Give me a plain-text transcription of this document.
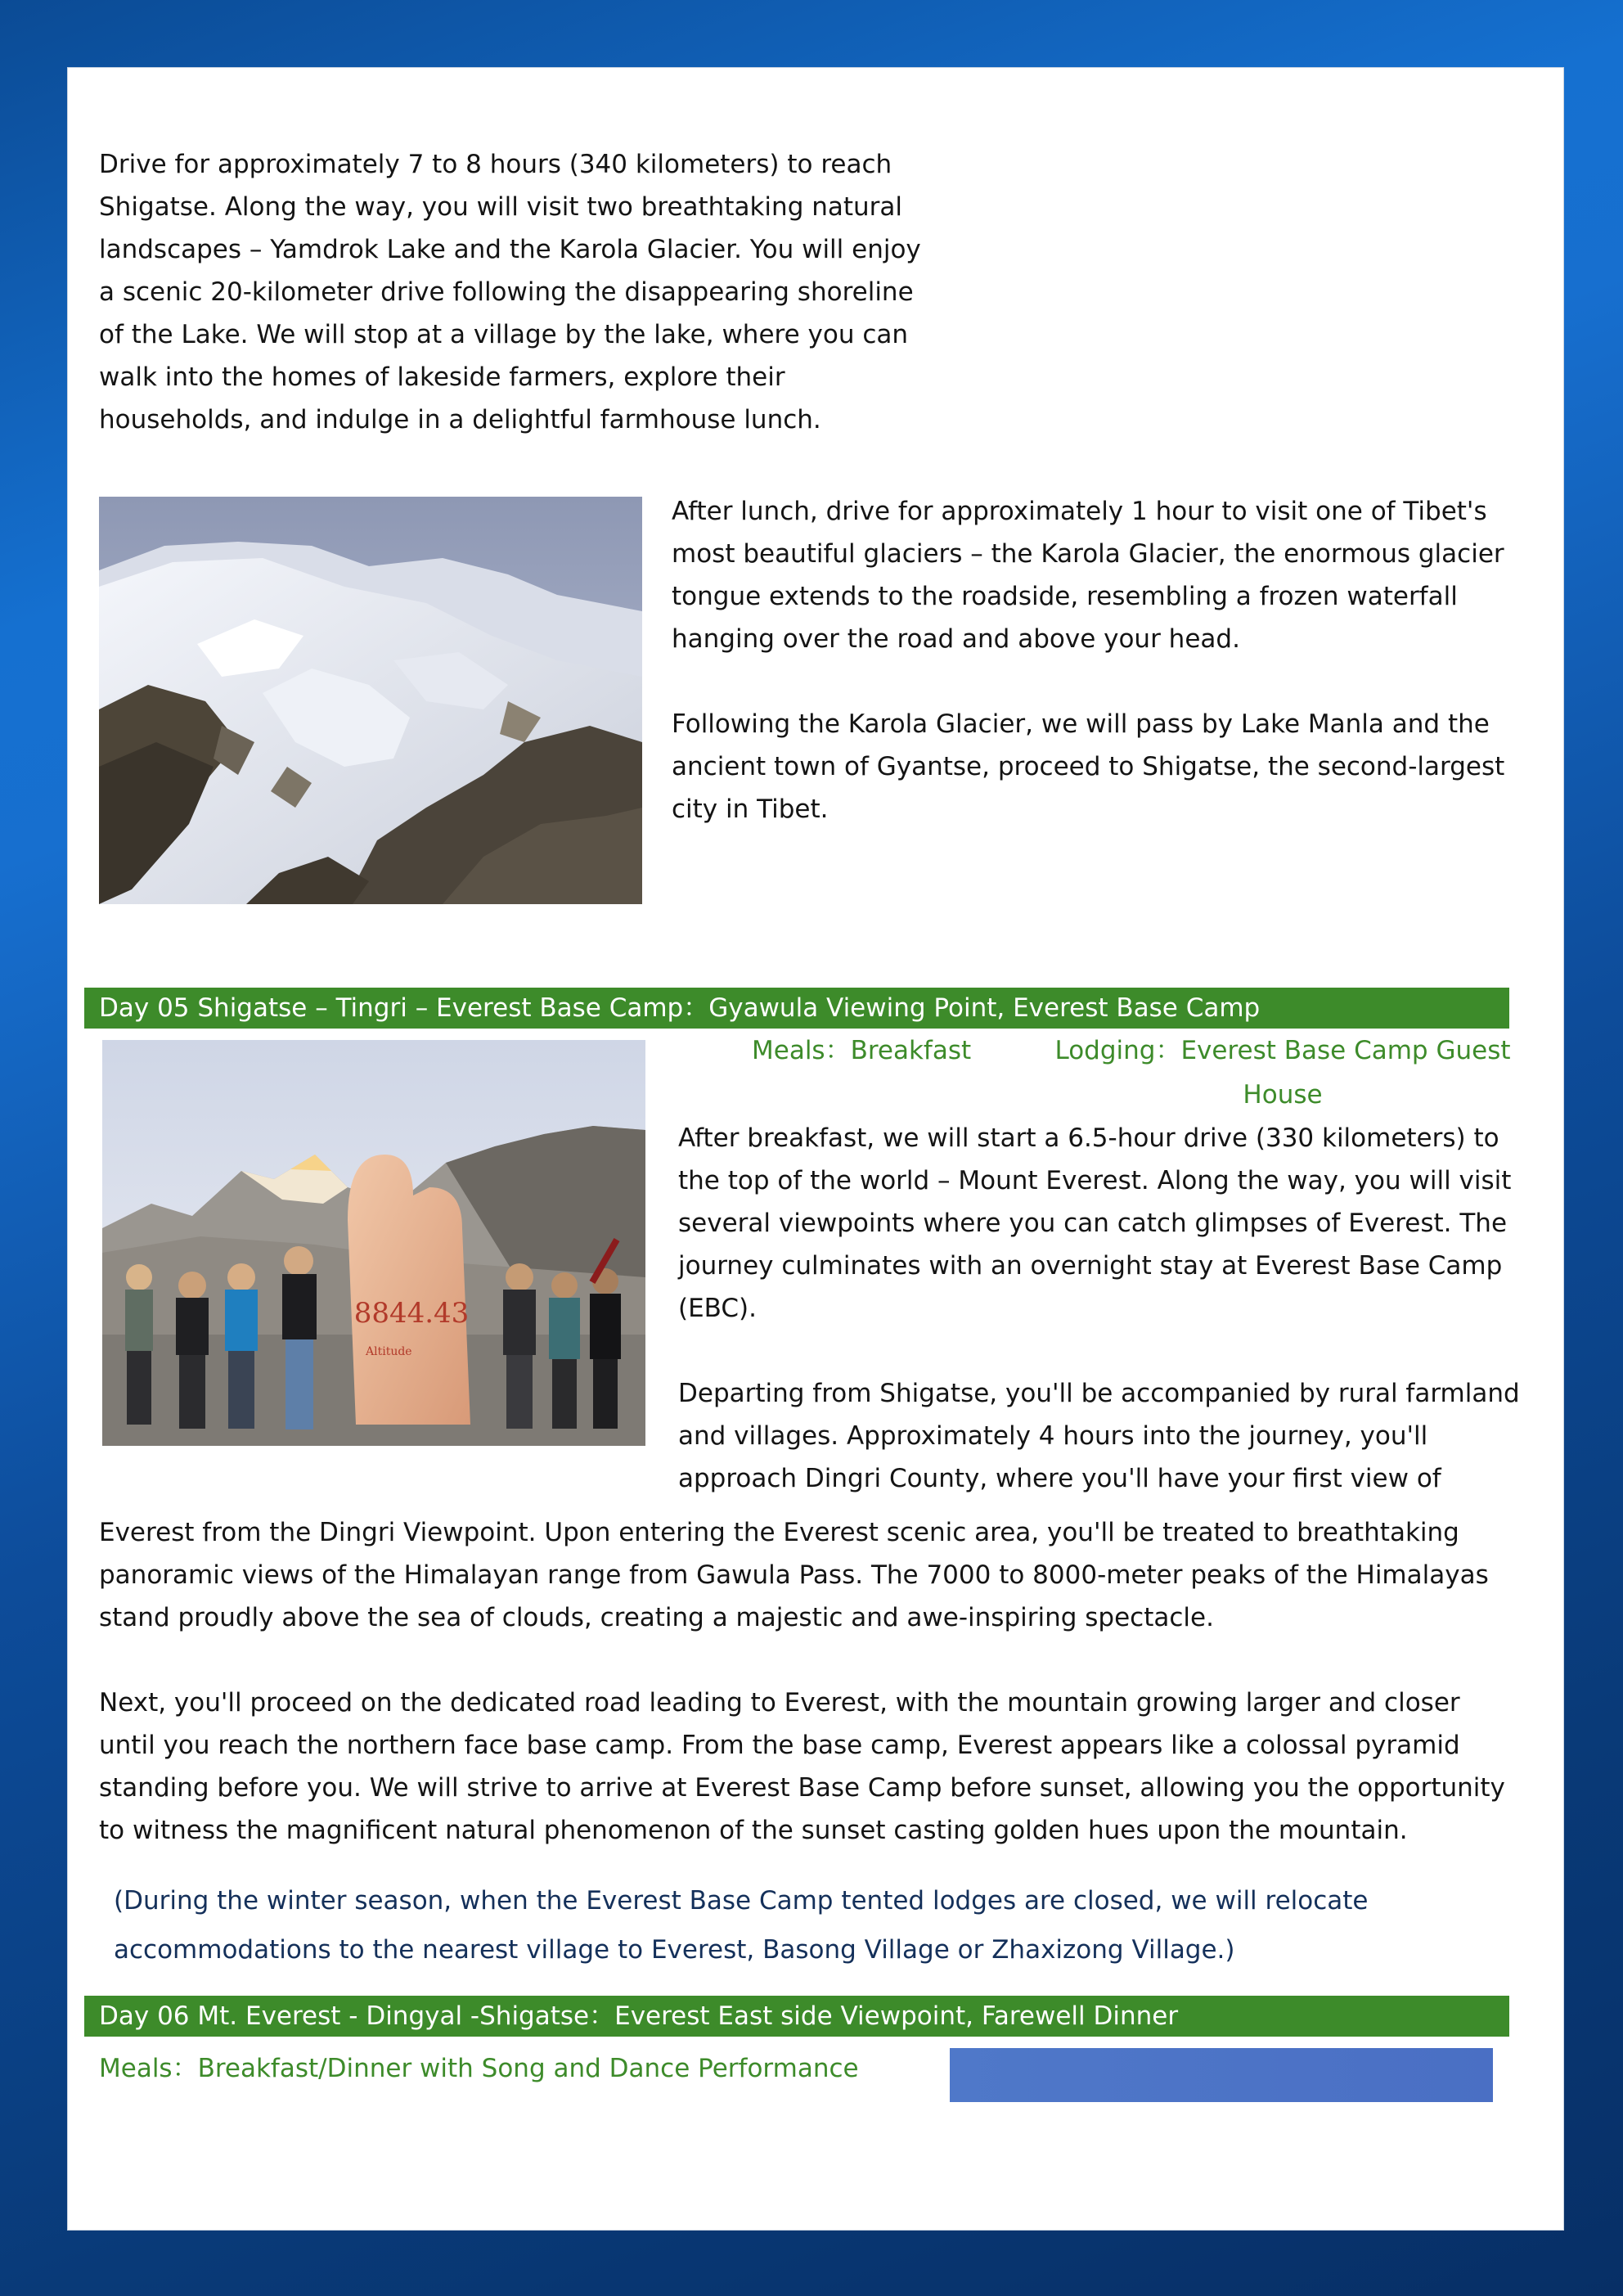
Drive for approximately 7 to 8 hours (340 kilometers) to reach Shigatse. Along the way, you will visit two breathtaking natural landscapes – Yamdrok Lake and the Karola Glacier. You will enjoy a scenic 20-kilometer drive following the disappearing shoreline of the Lake. We will stop at a village by the lake, where you can walk into the homes of lakeside farmers, explore their households, and indulge in a delightful farmhouse lunch.

After lunch, drive for approximately 1 hour to visit one of Tibet's most beautiful glaciers – the Karola Glacier, the enormous glacier tongue extends to the roadside, resembling a frozen waterfall hanging over the road and above your head.

Following the Karola Glacier, we will pass by Lake Manla and the ancient town of Gyantse, proceed to Shigatse, the second-largest city in Tibet.

Day 05 Shigatse – Tingri – Everest Base Camp：Gyawula Viewing Point, Everest Base Camp
8844.43
Altitude
Meals：Breakfast	Lodging：Everest Base Camp Guest House

After breakfast, we will start a 6.5-hour drive (330 kilometers) to the top of the world – Mount Everest. Along the way, you will visit several viewpoints where you can catch glimpses of Everest. The journey culminates with an overnight stay at Everest Base Camp (EBC).

Departing from Shigatse, you'll be accompanied by rural farmland and villages. Approximately 4 hours into the journey, you'll approach Dingri County, where you'll have your first view of

Everest from the Dingri Viewpoint. Upon entering the Everest scenic area, you'll be treated to breathtaking panoramic views of the Himalayan range from Gawula Pass. The 7000 to 8000-meter peaks of the Himalayas stand proudly above the sea of clouds, creating a majestic and awe-inspiring spectacle.

Next, you'll proceed on the dedicated road leading to Everest, with the mountain growing larger and closer until you reach the northern face base camp. From the base camp, Everest appears like a colossal pyramid standing before you. We will strive to arrive at Everest Base Camp before sunset, allowing you the opportunity to witness the magnificent natural phenomenon of the sunset casting golden hues upon the mountain.

(During the winter season, when the Everest Base Camp tented lodges are closed, we will relocate accommodations to the nearest village to Everest, Basong Village or Zhaxizong Village.)
Day 06 Mt. Everest - Dingyal -Shigatse：Everest East side Viewpoint, Farewell Dinner
Meals：Breakfast/Dinner with Song and Dance Performance
